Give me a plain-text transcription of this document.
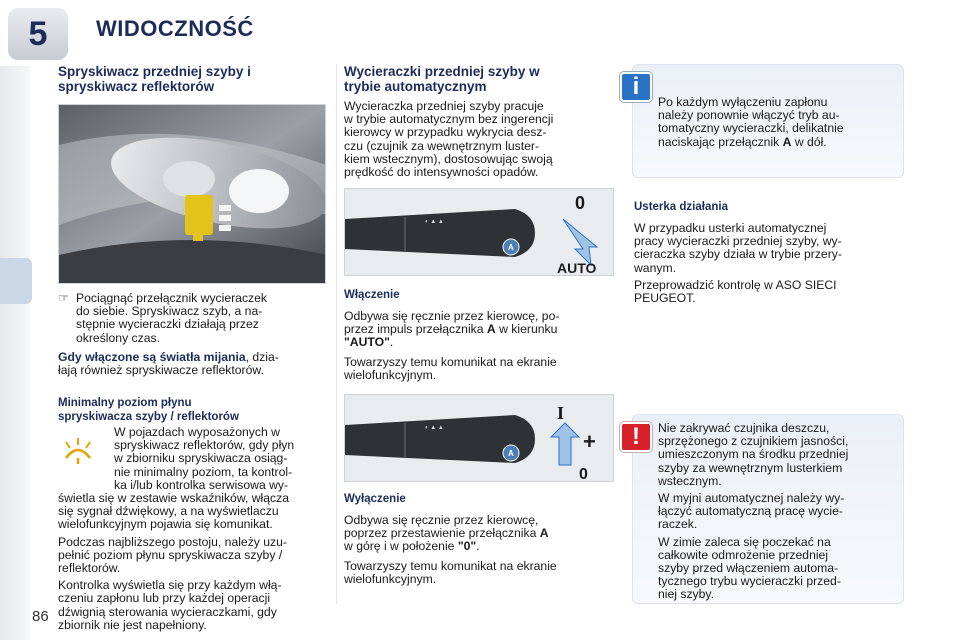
5 WIDOCZNOŚĆ
Spryskiwacz przedniej szyby i
spryskiwacz reflektorów

☞ Pociągnąć przełącznik wycieraczek
do siebie. Spryskiwacz szyb, a na-
stępnie wycieraczki działają przez
określony czas.

Gdy włączone są światła mijania, dzia-
łają również spryskiwacze reflektorów.

Minimalny poziom płynu
spryskiwacza szyby / reflektorów

W pojazdach wyposażonych w
spryskiwacz reflektorów, gdy płyn
w zbiorniku spryskiwacza osiąg-
nie minimalny poziom, ta kontrol-
ka i/lub kontrolka serwisowa wy-

świetla się w zestawie wskaźników, włącza
się sygnał dźwiękowy, a na wyświetlaczu
wielofunkcyjnym pojawia się komunikat.

Podczas najbliższego postoju, należy uzu-
pełnić poziom płynu spryskiwacza szyby /
reflektorów.

Kontrolka wyświetla się przy każdym włą-
czeniu zapłonu lub przy każdej operacji
dźwignią sterowania wycieraczkami, gdy
zbiornik nie jest napełniony.

Wycieraczki przedniej szyby w
trybie automatycznym

Wycieraczka przedniej szyby pracuje
w trybie automatycznym bez ingerencji
kierowcy w przypadku wykrycia desz-
czu (czujnik za wewnętrznym luster-
kiem wstecznym), dostosowując swoją
prędkość do intensywności opadów.

◐ ▲ ▲
A
0
AUTO
Włączenie

Odbywa się ręcznie przez kierowcę, po-
przez impuls przełącznika A w kierunku
"AUTO".

Towarzyszy temu komunikat na ekranie
wielofunkcyjnym.

◐ ▲ ▲
A
I
+
0
Wyłączenie

Odbywa się ręcznie przez kierowcę,
poprzez przestawienie przełącznika A
w górę i w położenie "0".

Towarzyszy temu komunikat na ekranie
wielofunkcyjnym.

i
Po każdym wyłączeniu zapłonu
należy ponownie włączyć tryb au-
tomatyczny wycieraczki, delikatnie
naciskając przełącznik A w dół.
Usterka działania

W przypadku usterki automatycznej
pracy wycieraczki przedniej szyby, wy-
cieraczka szyby działa w trybie przery-
wanym.

Przeprowadzić kontrolę w ASO SIECI
PEUGEOT.

!	Nie zakrywać czujnika deszczu,
sprzężonego z czujnikiem jasności,
umieszczonym na środku przedniej
szyby za wewnętrznym lusterkiem
wstecznym.

W myjni automatycznej należy wy-
łączyć automatyczną pracę wycie-
raczek.

W zimie zaleca się poczekać na
całkowite odmrożenie przedniej
szyby przed włączeniem automa-
tycznego trybu wycieraczki przed-
niej szyby.

86
